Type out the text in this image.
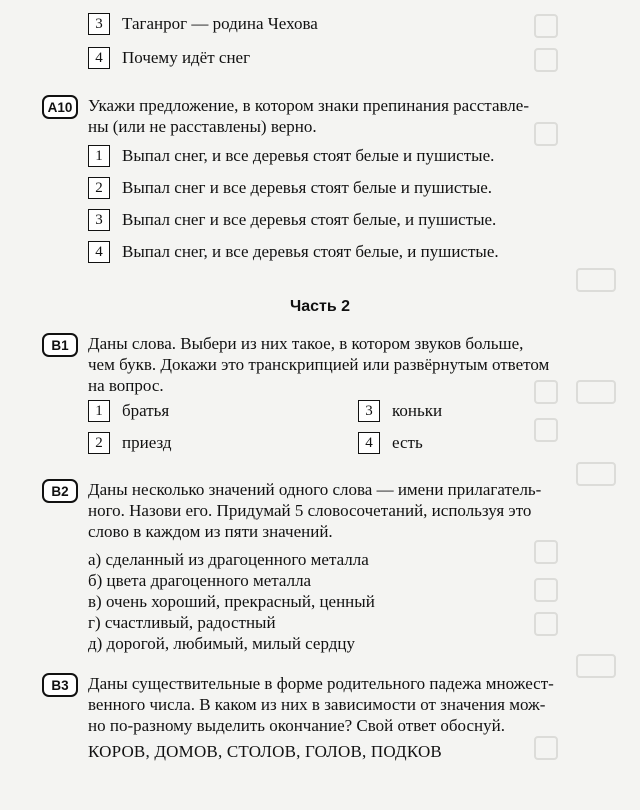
3	Таганрог — родина Чехова
4	Почему идёт снег
A10 Укажи предложение, в котором знаки препинания расставле-
ны (или не расставлены) верно.
1	Выпал снег, и все деревья стоят белые и пушистые.
2	Выпал снег и все деревья стоят белые и пушистые.
3	Выпал снег и все деревья стоят белые, и пушистые.
4	Выпал снег, и все деревья стоят белые, и пушистые.
Часть 2
B1	Даны слова. Выбери из них такое, в котором звуков больше,
чем букв. Докажи это транскрипцией или развёрнутым ответом
на вопрос.
1	братья	3	коньки
2	приезд	4	есть
B2	Даны несколько значений одного слова — имени прилагатель-
ного. Назови его. Придумай 5 словосочетаний, используя это
слово в каждом из пяти значений.
а) сделанный из драгоценного металла
б) цвета драгоценного металла
в) очень хороший, прекрасный, ценный
г) счастливый, радостный
д) дорогой, любимый, милый сердцу
B3	Даны существительные в форме родительного падежа множест-
венного числа. В каком из них в зависимости от значения мож-
но по-разному выделить окончание? Свой ответ обоснуй.
КОРОВ, ДОМОВ, СТОЛОВ, ГОЛОВ, ПОДКОВ
